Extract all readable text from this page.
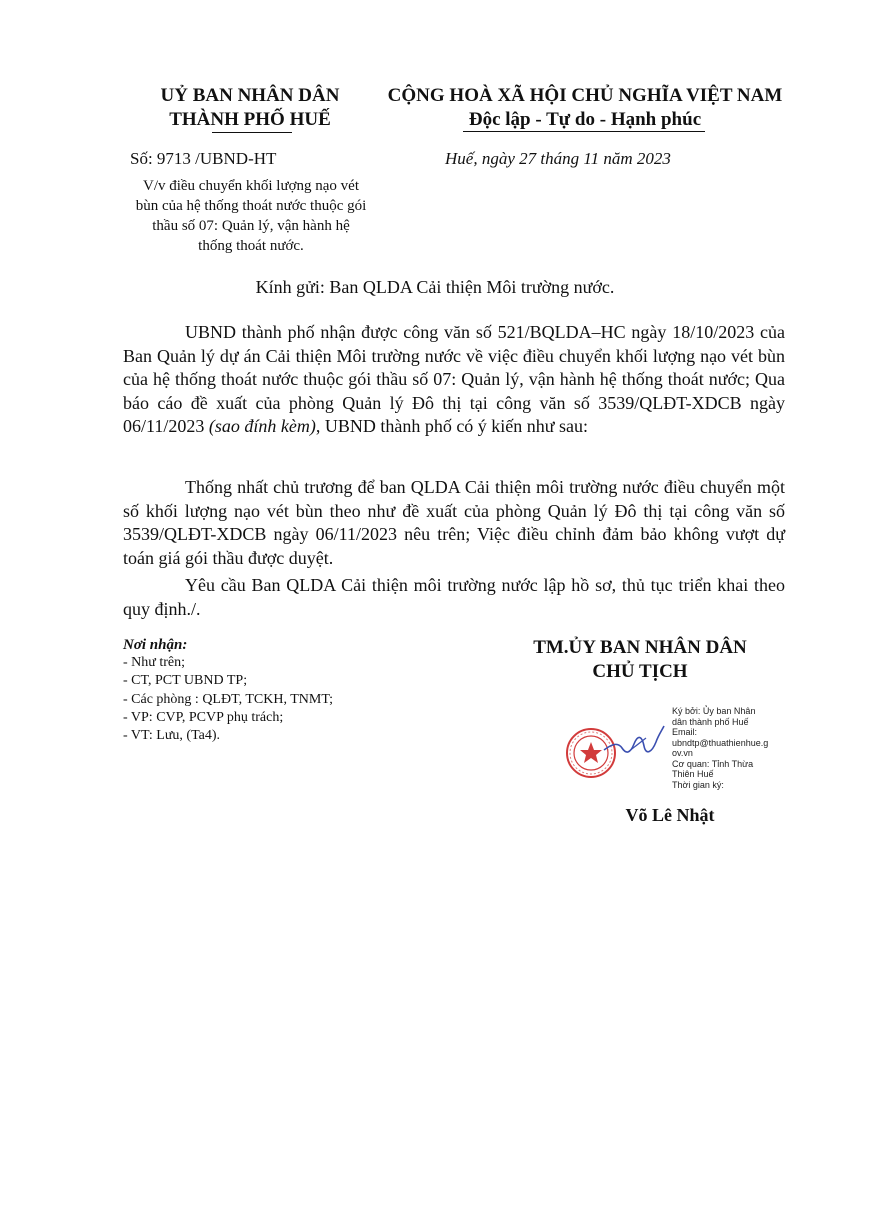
UỶ BAN NHÂN DÂN
THÀNH PHỐ HUẾ
CỘNG HOÀ XÃ HỘI CHỦ NGHĨA VIỆT NAM
Độc lập - Tự do - Hạnh phúc
Số: 9713 /UBND-HT	Huế, ngày 27 tháng 11 năm 2023
V/v điều chuyển khối lượng nạo vét
bùn của hệ thống thoát nước thuộc gói
thầu số 07: Quản lý, vận hành hệ
thống thoát nước.
Kính gửi: Ban QLDA Cải thiện Môi trường nước.

UBND thành phố nhận được công văn số 521/BQLDA–HC ngày 18/10/2023 của Ban Quản lý dự án Cải thiện Môi trường nước về việc điều chuyển khối lượng nạo vét bùn của hệ thống thoát nước thuộc gói thầu số 07: Quản lý, vận hành hệ thống thoát nước; Qua báo cáo đề xuất của phòng Quản lý Đô thị tại công văn số 3539/QLĐT-XDCB ngày 06/11/2023 (sao đính kèm), UBND thành phố có ý kiến như sau:

Thống nhất chủ trương để ban QLDA Cải thiện môi trường nước điều chuyển một số khối lượng nạo vét bùn theo như đề xuất của phòng Quản lý Đô thị tại công văn số 3539/QLĐT-XDCB ngày 06/11/2023 nêu trên; Việc điều chỉnh đảm bảo không vượt dự toán giá gói thầu được duyệt.

Yêu cầu Ban QLDA Cải thiện môi trường nước lập hồ sơ, thủ tục triển khai theo quy định./.

Nơi nhận:
- Như trên;
- CT, PCT UBND TP;
- Các phòng : QLĐT, TCKH, TNMT;
- VP: CVP, PCVP phụ trách;
- VT: Lưu, (Ta4).
TM.ỦY BAN NHÂN DÂN
CHỦ TỊCH
Ký bởi: Ủy ban Nhân
dân thành phố Huế
Email:
ubndtp@thuathienhue.g
ov.vn
Cơ quan: Tỉnh Thừa
Thiên Huế
Thời gian ký:
Võ Lê Nhật
